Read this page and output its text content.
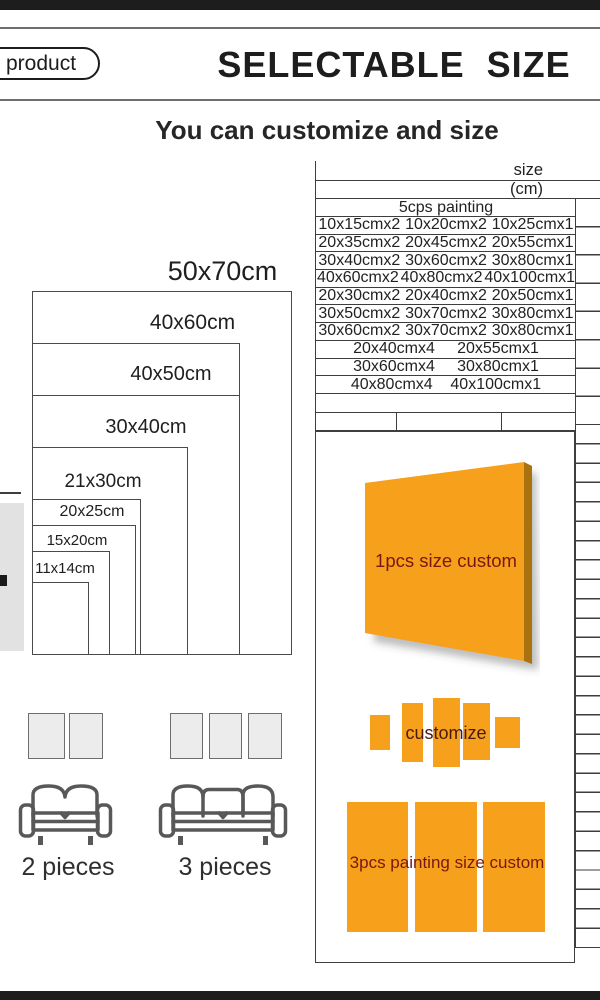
product	SELECTABLE  SIZE
You can customize and size
50x70cm
40x60cm
40x50cm
30x40cm
21x30cm
20x25cm
15x20cm
11x14cm
size
(cm)
5cps painting
10x15cmx2 10x20cmx2 10x25cmx1
20x35cmx2 20x45cmx2 20x55cmx1
30x40cmx2 30x60cmx2 30x80cmx1
40x60cmx2 40x80cmx2 40x100cmx1
20x30cmx2 20x40cmx2 20x50cmx1
30x50cmx2 30x70cmx2 30x80cmx1
30x60cmx2 30x70cmx2 30x80cmx1
20x40cmx4 20x55cmx1
30x60cmx4 30x80cmx1
40x80cmx4 40x100cmx1
1pcs size custom
customize
3pcs painting size custom
2 pieces	3 pieces
